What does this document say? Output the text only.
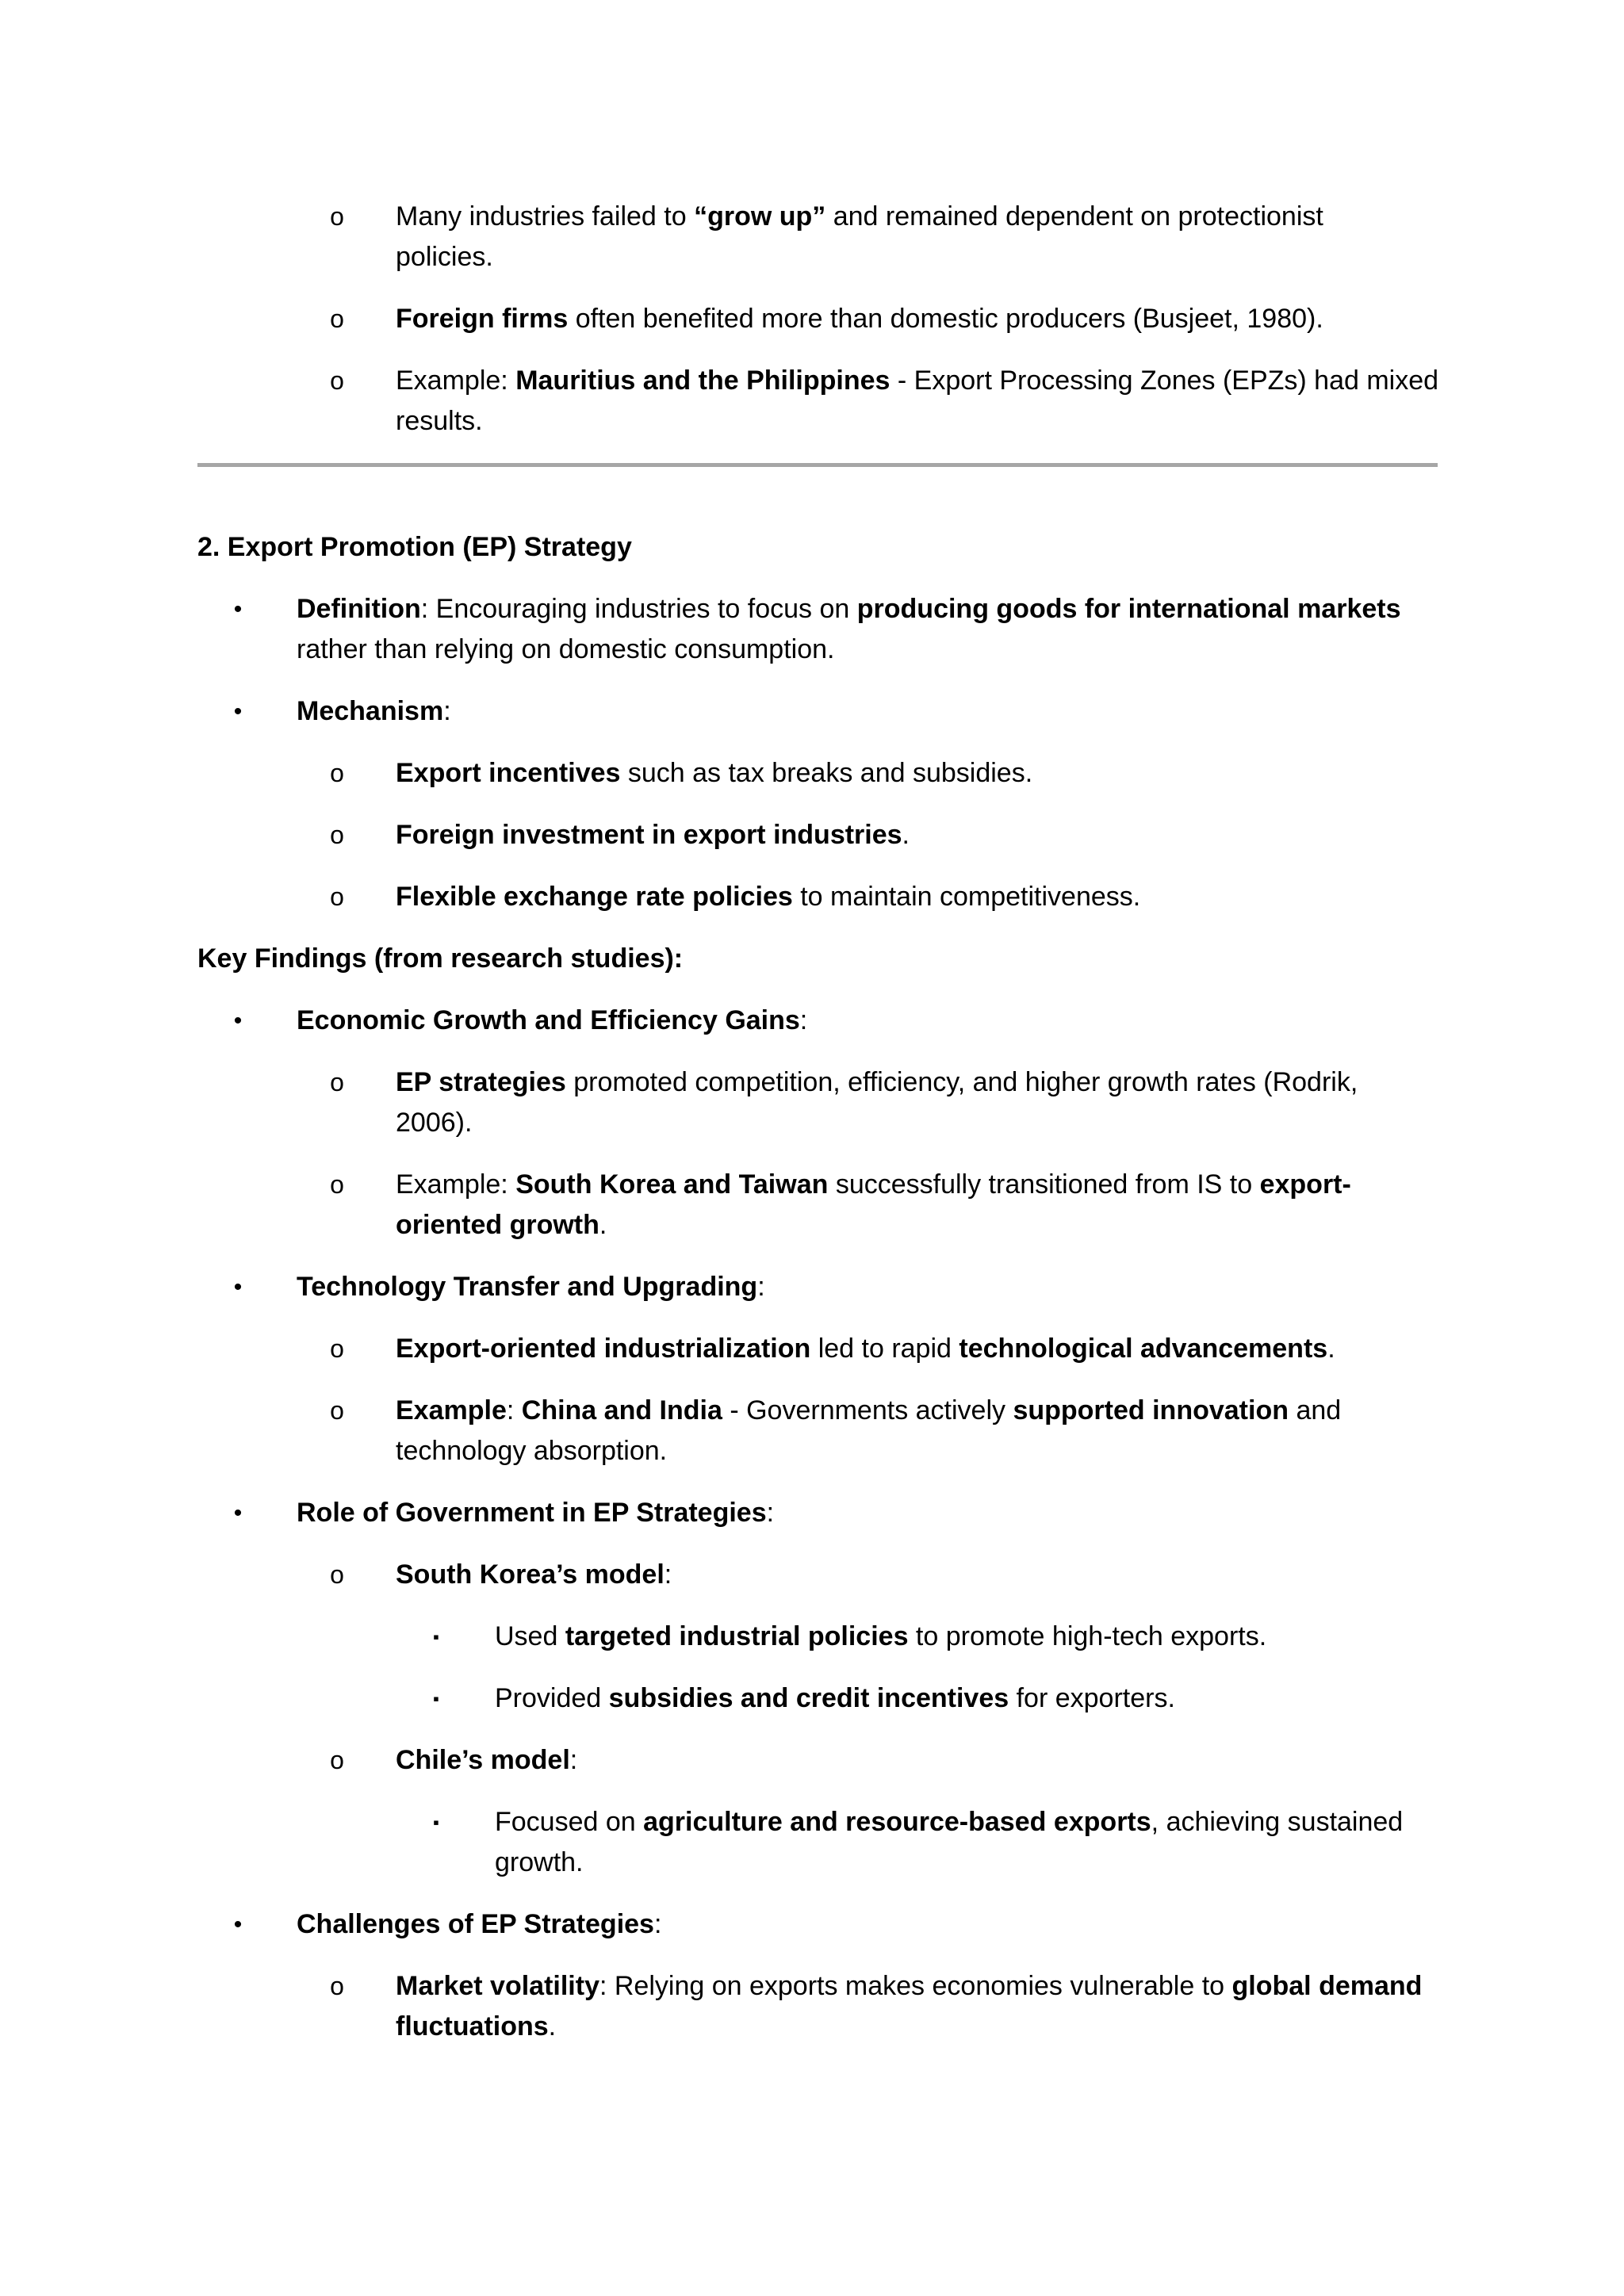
o	Many industries failed to “grow up” and remained dependent on protectionist

policies.

o	Foreign firms often benefited more than domestic producers (Busjeet, 1980).

o	Example: Mauritius and the Philippines - Export Processing Zones (EPZs) had mixed

results.

2. Export Promotion (EP) Strategy

•	Definition: Encouraging industries to focus on producing goods for international markets

rather than relying on domestic consumption.

•	Mechanism:

o	Export incentives such as tax breaks and subsidies.

o	Foreign investment in export industries.

o	Flexible exchange rate policies to maintain competitiveness.

Key Findings (from research studies):

•	Economic Growth and Efficiency Gains:

o	EP strategies promoted competition, efficiency, and higher growth rates (Rodrik,

2006).

o	Example: South Korea and Taiwan successfully transitioned from IS to export-

oriented growth.

•	Technology Transfer and Upgrading:

o	Export-oriented industrialization led to rapid technological advancements.

o	Example: China and India - Governments actively supported innovation and

technology absorption.

•	Role of Government in EP Strategies:

o	South Korea’s model:

▪	Used targeted industrial policies to promote high-tech exports.

▪	Provided subsidies and credit incentives for exporters.

o	Chile’s model:

▪	Focused on agriculture and resource-based exports, achieving sustained

growth.

•	Challenges of EP Strategies:

o	Market volatility: Relying on exports makes economies vulnerable to global demand

fluctuations.
